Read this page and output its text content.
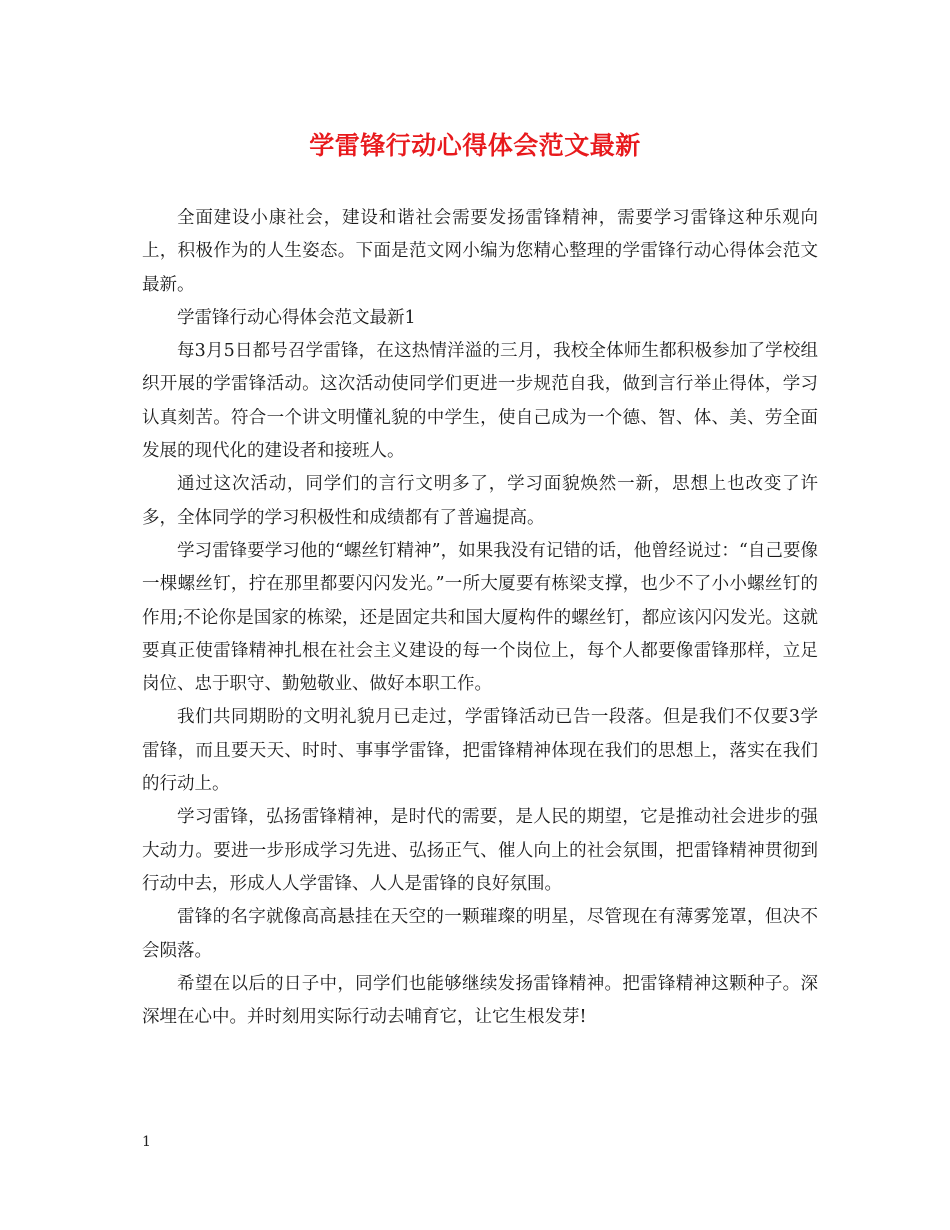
学雷锋行动心得体会范文最新

全面建设小康社会，建设和谐社会需要发扬雷锋精神，需要学习雷锋这种乐观向上，积极作为的人生姿态。下面是范文网小编为您精心整理的学雷锋行动心得体会范文最新。

学雷锋行动心得体会范文最新1

每3月5日都号召学雷锋，在这热情洋溢的三月，我校全体师生都积极参加了学校组织开展的学雷锋活动。这次活动使同学们更进一步规范自我，做到言行举止得体，学习认真刻苦。符合一个讲文明懂礼貌的中学生，使自己成为一个德、智、体、美、劳全面发展的现代化的建设者和接班人。

通过这次活动，同学们的言行文明多了，学习面貌焕然一新，思想上也改变了许多，全体同学的学习积极性和成绩都有了普遍提高。

学习雷锋要学习他的“螺丝钉精神”，如果我没有记错的话，他曾经说过：“自己要像一棵螺丝钉，拧在那里都要闪闪发光。”一所大厦要有栋梁支撑，也少不了小小螺丝钉的作用;不论你是国家的栋梁，还是固定共和国大厦构件的螺丝钉，都应该闪闪发光。这就要真正使雷锋精神扎根在社会主义建设的每一个岗位上，每个人都要像雷锋那样，立足岗位、忠于职守、勤勉敬业、做好本职工作。

我们共同期盼的文明礼貌月已走过，学雷锋活动已告一段落。但是我们不仅要3学雷锋，而且要天天、时时、事事学雷锋，把雷锋精神体现在我们的思想上，落实在我们的行动上。

学习雷锋，弘扬雷锋精神，是时代的需要，是人民的期望，它是推动社会进步的强大动力。要进一步形成学习先进、弘扬正气、催人向上的社会氛围，把雷锋精神贯彻到行动中去，形成人人学雷锋、人人是雷锋的良好氛围。

雷锋的名字就像高高悬挂在天空的一颗璀璨的明星，尽管现在有薄雾笼罩，但决不会陨落。

希望在以后的日子中，同学们也能够继续发扬雷锋精神。把雷锋精神这颗种子。深深埋在心中。并时刻用实际行动去哺育它，让它生根发芽!

1
